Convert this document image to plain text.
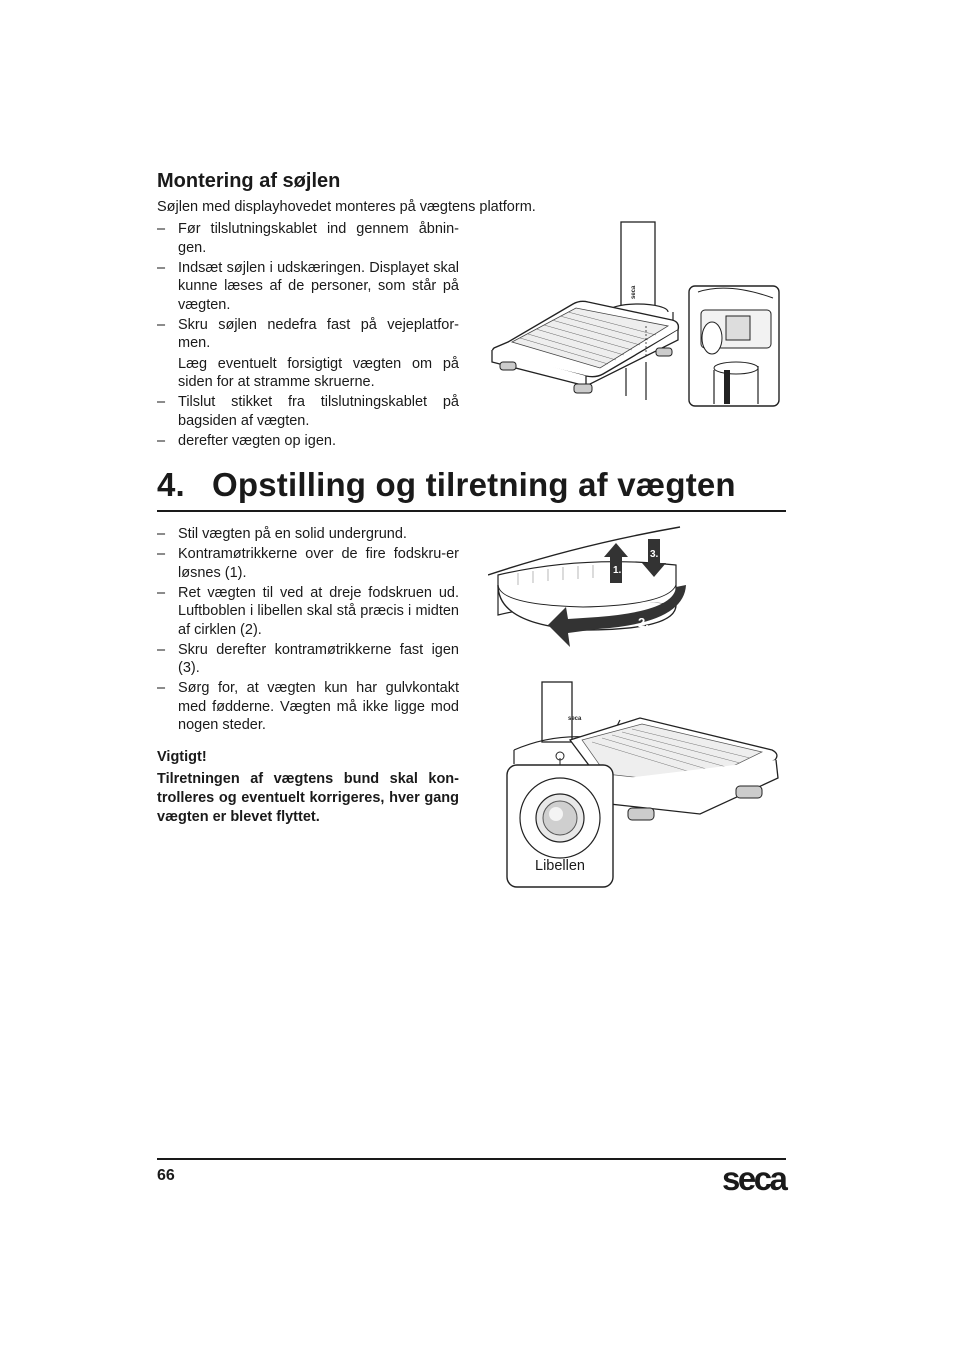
Montering af søjlen
Søjlen med displayhovedet monteres på vægtens platform.
– Før tilslutningskablet ind gennem åbnin-gen.
– Indsæt søjlen i udskæringen. Displayet skal kunne læses af de personer, som står på vægten.
– Skru søjlen nedefra fast på vejeplatfor-men.
Læg eventuelt forsigtigt vægten om på siden for at stramme skruerne.
– Tilslut stikket fra tilslutningskablet på bagsiden af vægten.
– derefter vægten op igen.
seca
4. Opstilling og tilretning af vægten
– Stil vægten på en solid undergrund.
– Kontramøtrikkerne over de fire fodskru-er løsnes (1).
– Ret vægten til ved at dreje fodskruen ud. Luftboblen i libellen skal stå præcis i midten af cirklen (2).
– Skru derefter kontramøtrikkerne fast igen (3).
– Sørg for, at vægten kun har gulvkontakt med fødderne. Vægten må ikke ligge mod nogen steder.
Vigtigt!
Tilretningen af vægtens bund skal kon-trolleres og eventuelt korrigeres, hver gang vægten er blevet flyttet.
1.
3.
2.
seca
Libellen
66	seca
